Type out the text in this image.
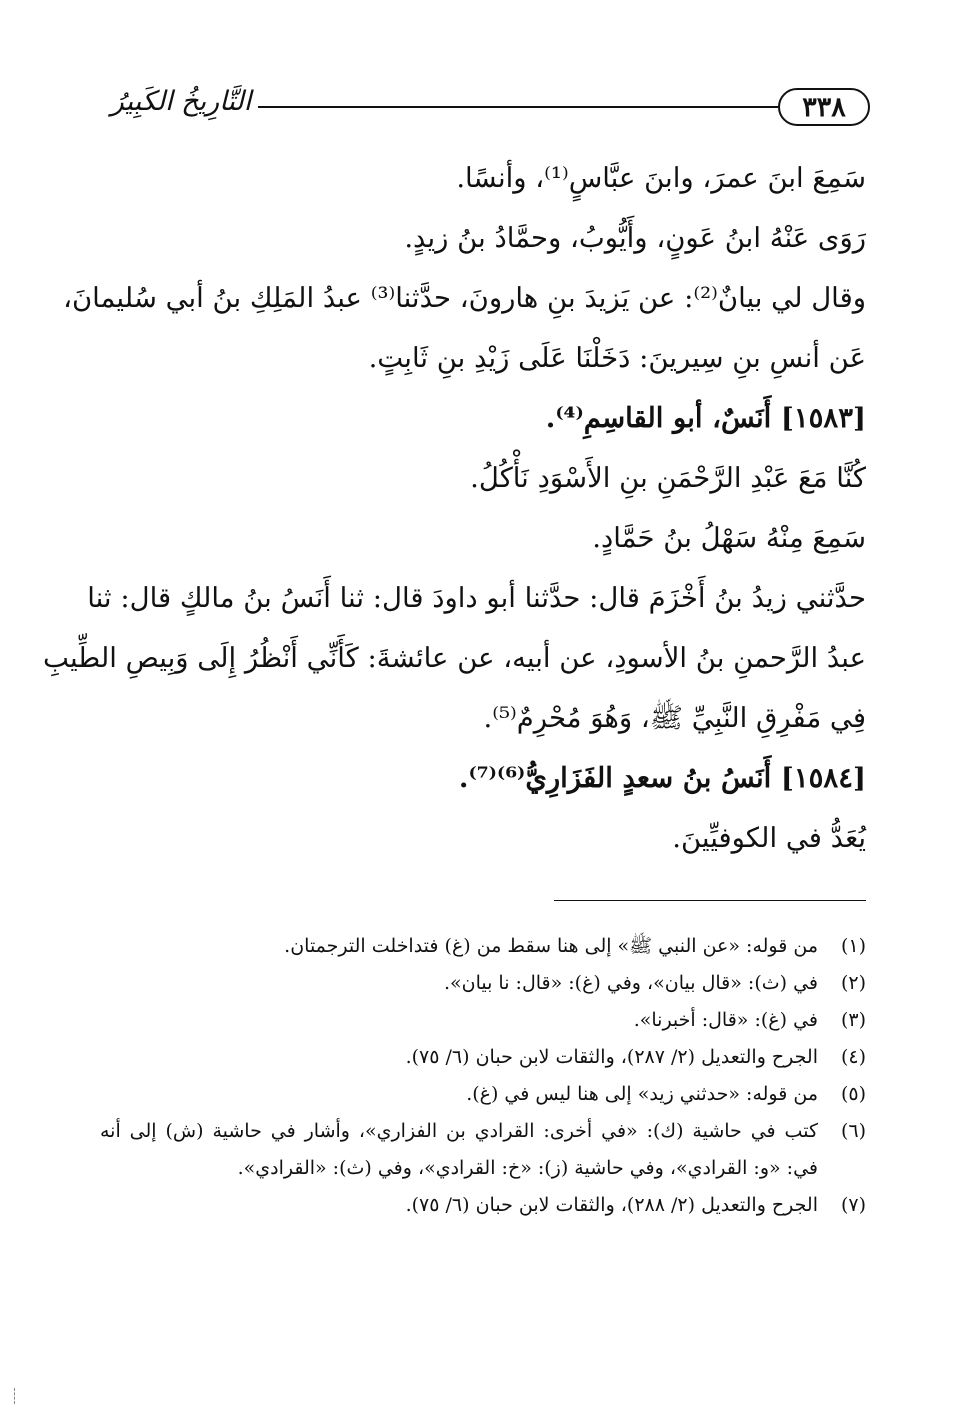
٣٣٨
التَّارِيخُ الكَبِيرُ
سَمِعَ ابنَ عمرَ، وابنَ عبَّاسٍ⁽¹⁾، وأنسًا.
رَوَى عَنْهُ ابنُ عَونٍ، وأَيُّوبُ، وحمَّادُ بنُ زيدٍ.
وقال لي بيانٌ⁽²⁾: عن يَزيدَ بنِ هارونَ، حدَّثنا⁽³⁾ عبدُ المَلِكِ بنُ أبي سُليمانَ،
عَن أنسِ بنِ سِيرينَ: دَخَلْنَا عَلَى زَيْدِ بنِ ثَابِتٍ.
[١٥٨٣] أَنَسٌ، أبو القاسِمِ⁽⁴⁾.
كُنَّا مَعَ عَبْدِ الرَّحْمَنِ بنِ الأَسْوَدِ نَأْكُلُ.
سَمِعَ مِنْهُ سَهْلُ بنُ حَمَّادٍ.
حدَّثني زيدُ بنُ أَخْزَمَ قال: حدَّثنا أبو داودَ قال: ثنا أَنَسُ بنُ مالكٍ قال: ثنا
عبدُ الرَّحمنِ بنُ الأسودِ، عن أبيه، عن عائشةَ: كَأَنِّي أَنْظُرُ إِلَى وَبِيصِ الطِّيبِ
فِي مَفْرِقِ النَّبِيِّ ﷺ، وَهُوَ مُحْرِمٌ⁽⁵⁾.
[١٥٨٤] أَنَسُ بنُ سعدٍ الفَزَارِيُّ⁽⁶⁾⁽⁷⁾.
يُعَدُّ في الكوفيِّينَ.
(١)
من قوله: «عن النبي ﷺ» إلى هنا سقط من (غ) فتداخلت الترجمتان.
(٢)
في (ث): «قال بيان»، وفي (غ): «قال: نا بيان».
(٣)
في (غ): «قال: أخبرنا».
(٤)
الجرح والتعديل (٢/ ٢٨٧)، والثقات لابن حبان (٦/ ٧٥).
(٥)
من قوله: «حدثني زيد» إلى هنا ليس في (غ).
(٦)
كتب في حاشية (ك): «في أخرى: القرادي بن الفزاري»، وأشار في حاشية (ش) إلى أنه
في: «و: القرادي»، وفي حاشية (ز): «خ: القرادي»، وفي (ث): «القرادي».
(٧)
الجرح والتعديل (٢/ ٢٨٨)، والثقات لابن حبان (٦/ ٧٥).
